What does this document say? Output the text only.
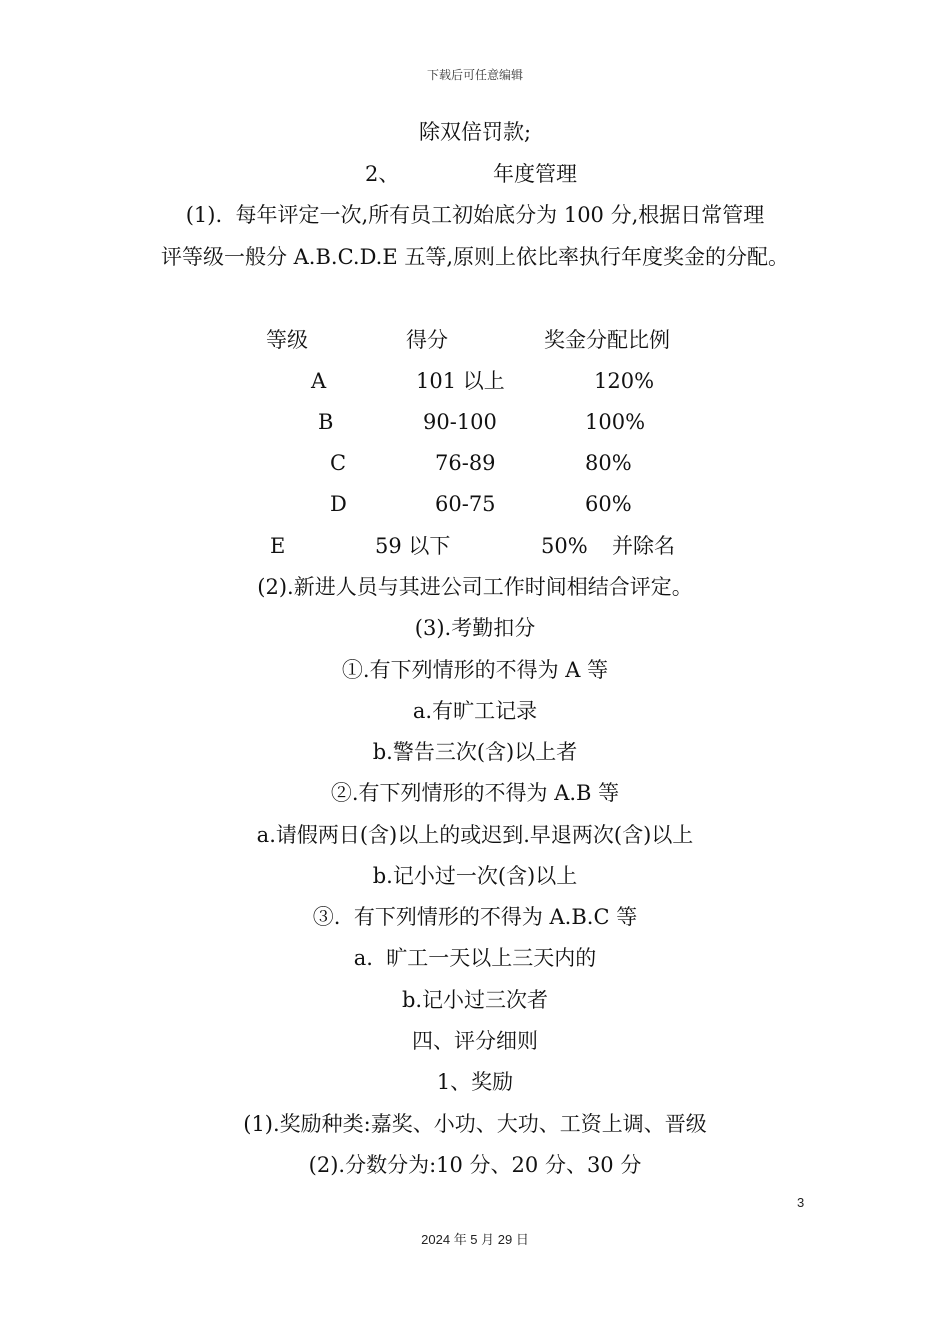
下载后可任意编辑
除双倍罚款;
2、	年度管理
(1).  每年评定一次,所有员工初始底分为 100 分,根据日常管理
评等级一般分 A.B.C.D.E 五等,原则上依比率执行年度奖金的分配。
等级	得分	奖金分配比例
A	101 以上	120%
B	90-100	100%
C	76-89	80%
D	60-75	60%
E	59 以下	50% 并除名
(2).新进人员与其进公司工作时间相结合评定。
(3).考勤扣分
①.有下列情形的不得为 A 等
a.有旷工记录
b.警告三次(含)以上者
②.有下列情形的不得为 A.B 等
a.请假两日(含)以上的或迟到.早退两次(含)以上
b.记小过一次(含)以上
③.  有下列情形的不得为 A.B.C 等
a.  旷工一天以上三天内的
b.记小过三次者
四、评分细则
1、奖励
(1).奖励种类:嘉奖、小功、大功、工资上调、晋级
(2).分数分为:10 分、20 分、30 分
3
2024 年 5 月 29 日
